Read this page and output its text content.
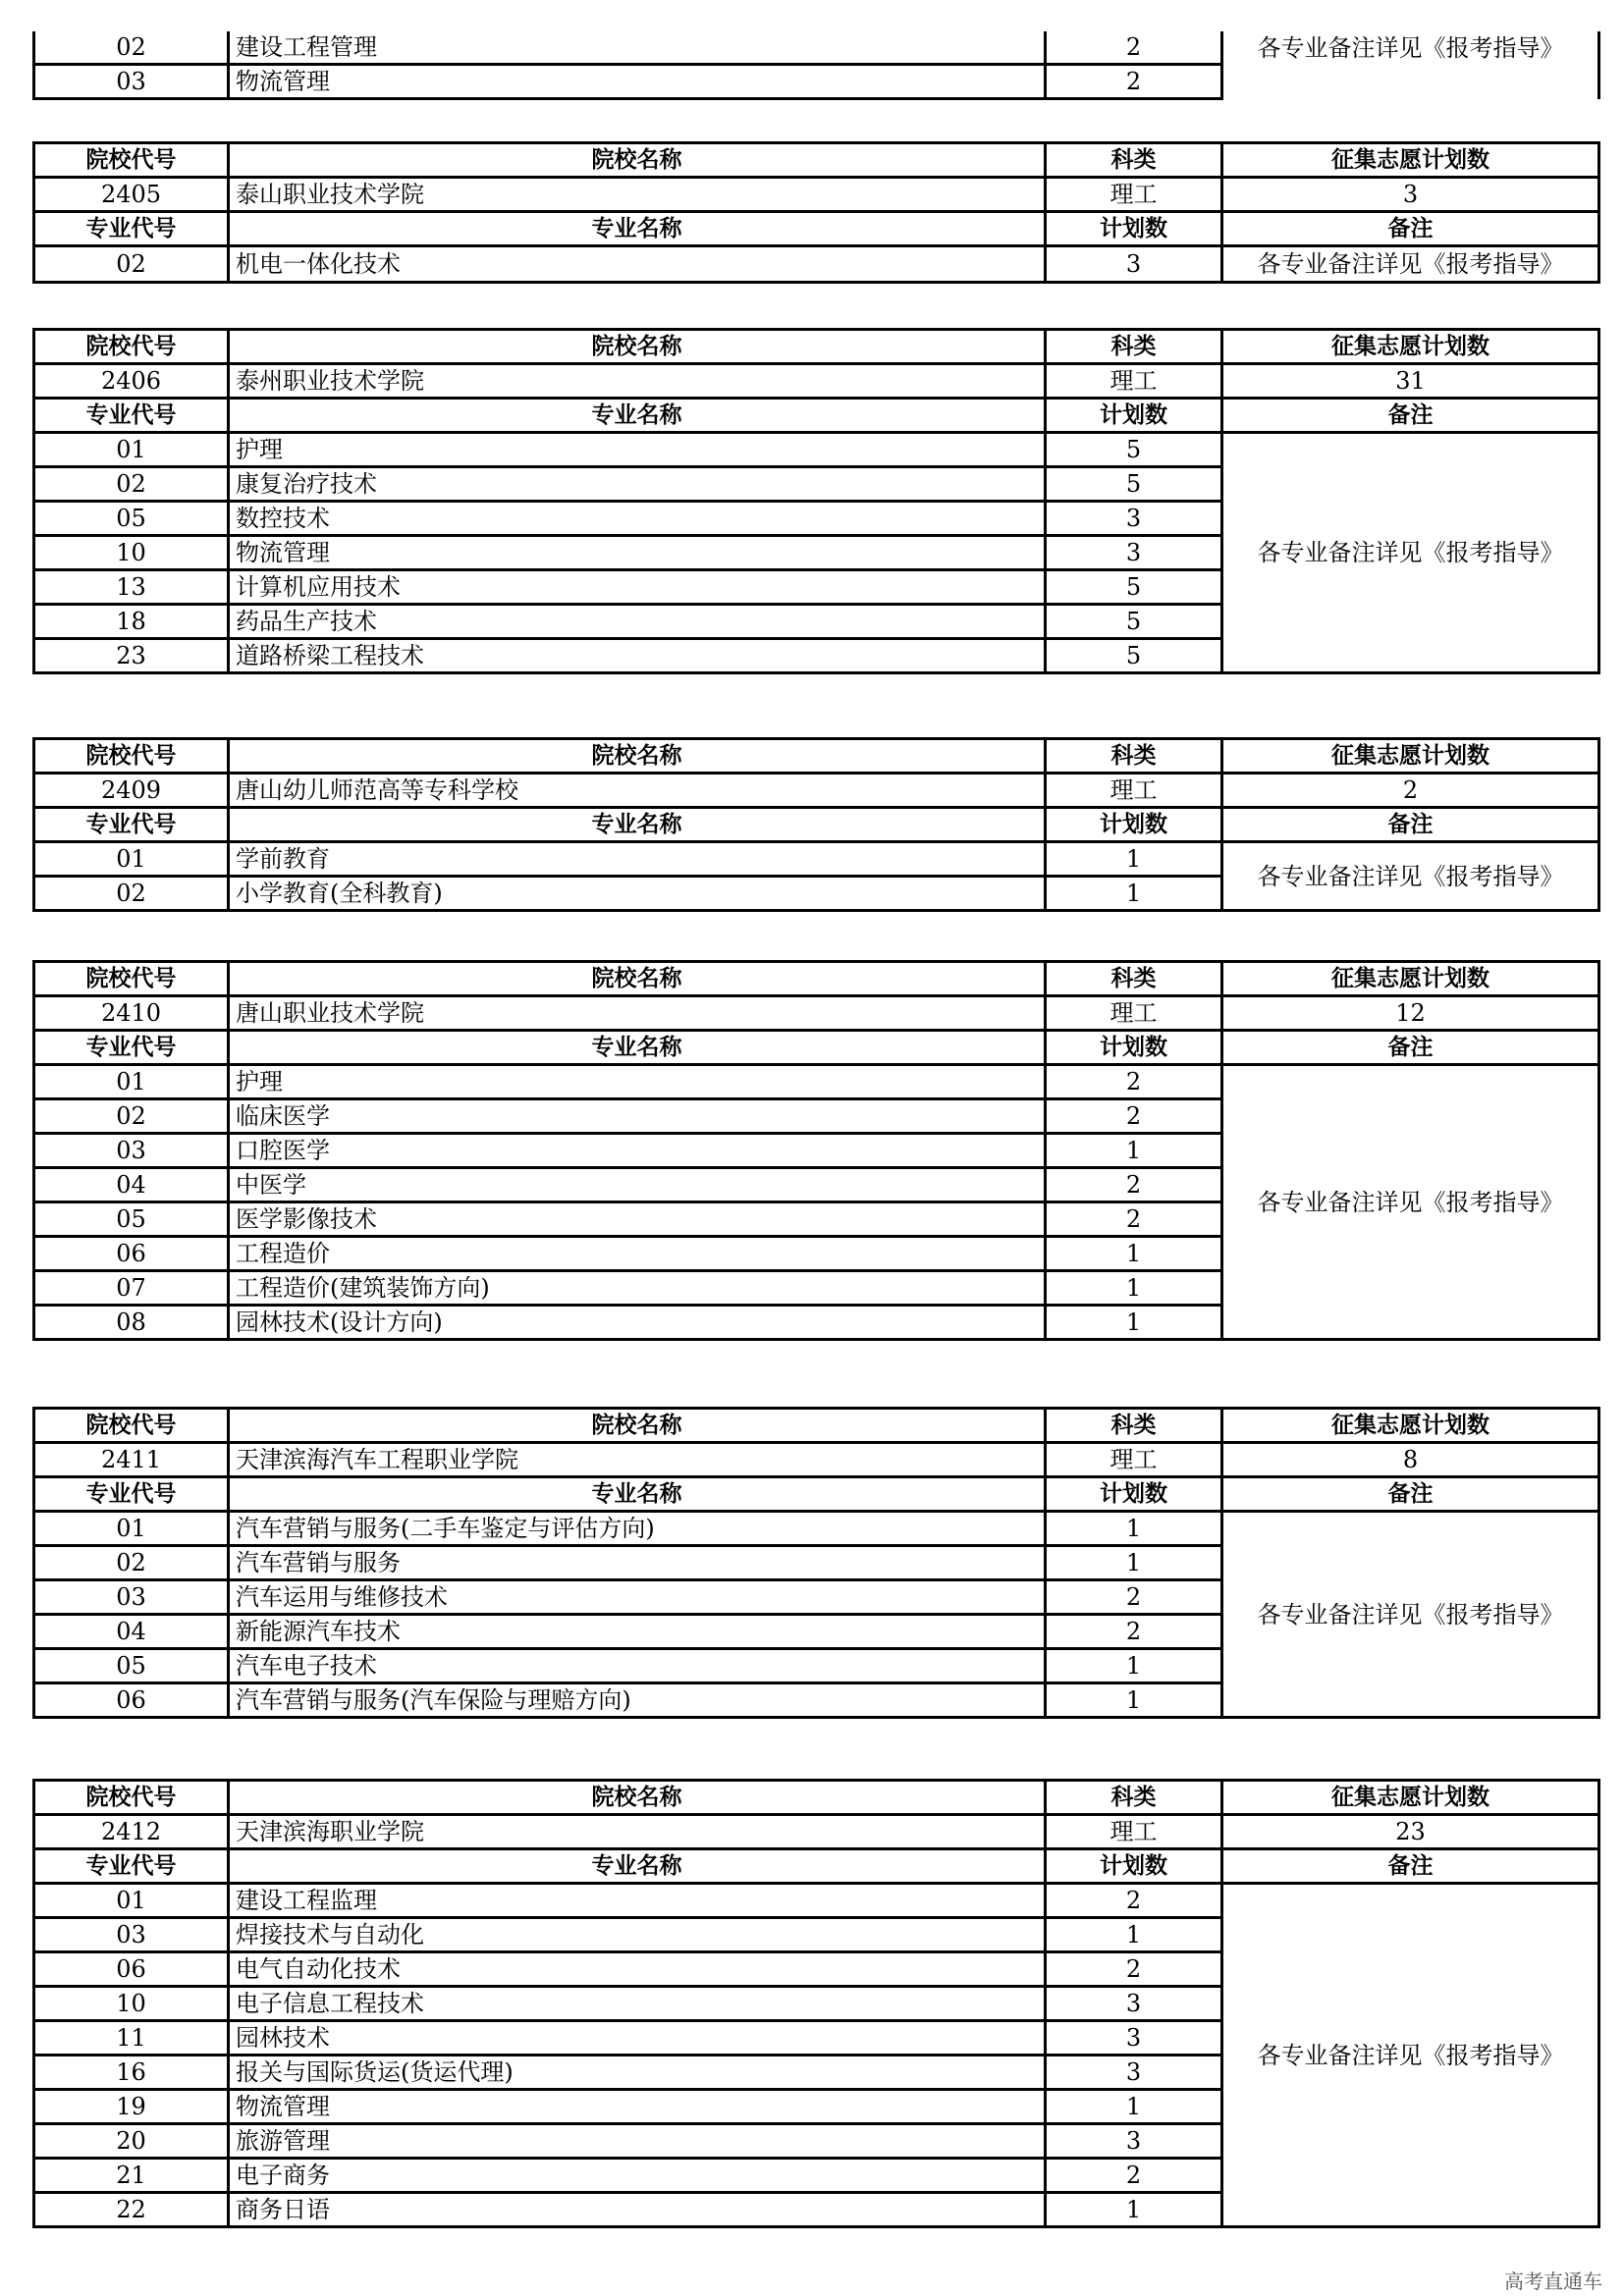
02	建设工程管理	2	各专业备注详见《报考指导》
03	物流管理	2	
院校代号	院校名称	科类	征集志愿计划数
2405	泰山职业技术学院	理工	3
专业代号	专业名称	计划数	备注
02	机电一体化技术	3	各专业备注详见《报考指导》
院校代号	院校名称	科类	征集志愿计划数
2406	泰州职业技术学院	理工	31
专业代号	专业名称	计划数	备注
01	护理	5	各专业备注详见《报考指导》
02	康复治疗技术	5	
05	数控技术	3	
10	物流管理	3	
13	计算机应用技术	5	
18	药品生产技术	5	
23	道路桥梁工程技术	5	
院校代号	院校名称	科类	征集志愿计划数
2409	唐山幼儿师范高等专科学校	理工	2
专业代号	专业名称	计划数	备注
01	学前教育	1	各专业备注详见《报考指导》
02	小学教育(全科教育)	1	
院校代号	院校名称	科类	征集志愿计划数
2410	唐山职业技术学院	理工	12
专业代号	专业名称	计划数	备注
01	护理	2	各专业备注详见《报考指导》
02	临床医学	2	
03	口腔医学	1	
04	中医学	2	
05	医学影像技术	2	
06	工程造价	1	
07	工程造价(建筑装饰方向)	1	
08	园林技术(设计方向)	1	
院校代号	院校名称	科类	征集志愿计划数
2411	天津滨海汽车工程职业学院	理工	8
专业代号	专业名称	计划数	备注
01	汽车营销与服务(二手车鉴定与评估方向)	1	各专业备注详见《报考指导》
02	汽车营销与服务	1	
03	汽车运用与维修技术	2	
04	新能源汽车技术	2	
05	汽车电子技术	1	
06	汽车营销与服务(汽车保险与理赔方向)	1	
院校代号	院校名称	科类	征集志愿计划数
2412	天津滨海职业学院	理工	23
专业代号	专业名称	计划数	备注
01	建设工程监理	2	各专业备注详见《报考指导》
03	焊接技术与自动化	1	
06	电气自动化技术	2	
10	电子信息工程技术	3	
11	园林技术	3	
16	报关与国际货运(货运代理)	3	
19	物流管理	1	
20	旅游管理	3	
21	电子商务	2	
22	商务日语	1	
高考直通车
